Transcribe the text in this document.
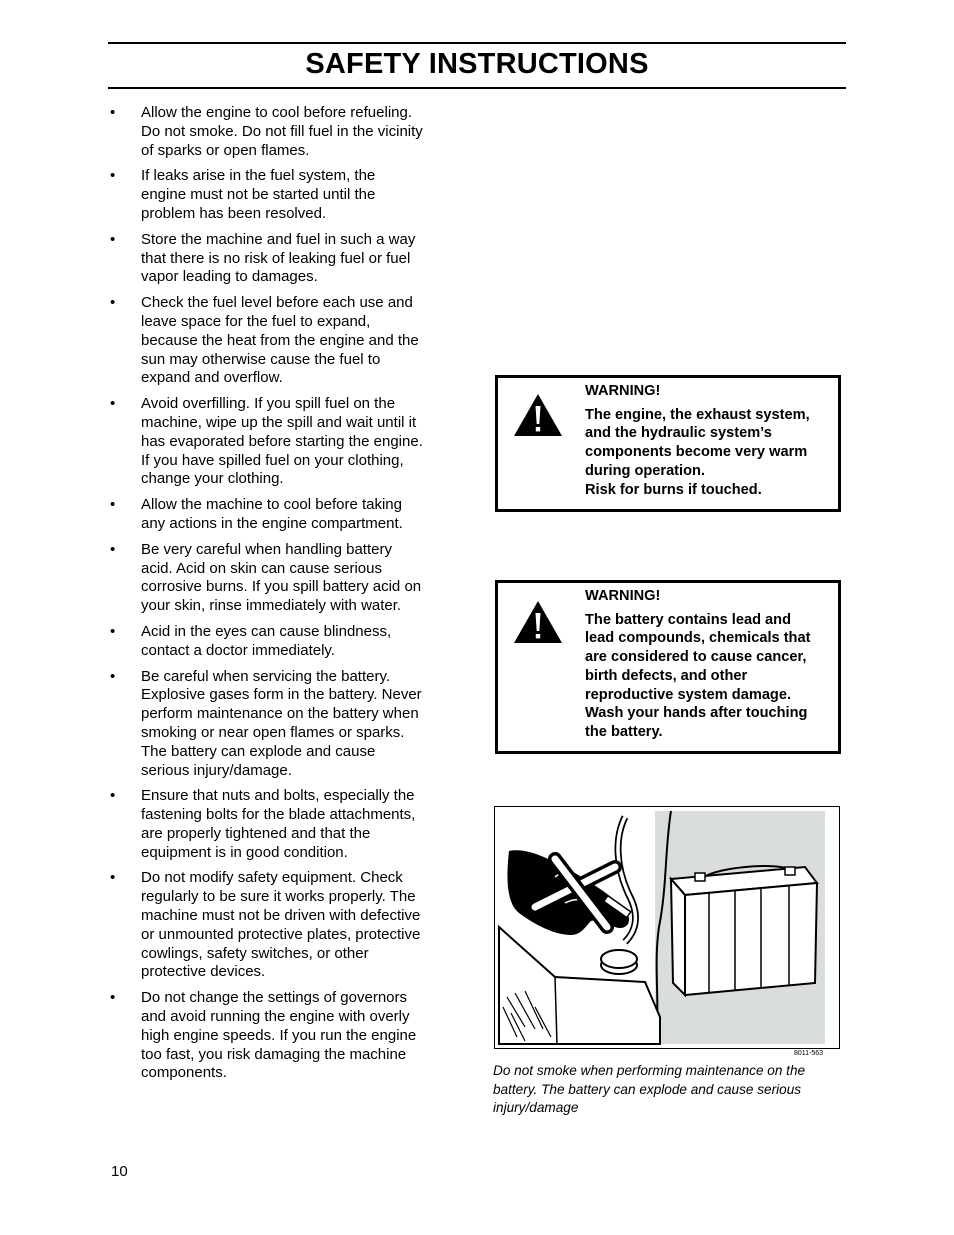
SAFETY INSTRUCTIONS
• Allow the engine to cool before refueling. Do not smoke. Do not fill fuel in the vicinity of sparks or open flames.
• If leaks arise in the fuel system, the engine must not be started until the problem has been resolved.
• Store the machine and fuel in such a way that there is no risk of leaking fuel or fuel vapor leading to damages.
• Check the fuel level before each use and leave space for the fuel to expand, because the heat from the engine and the sun may otherwise cause the fuel to expand and overflow.
• Avoid overfilling. If you spill fuel on the machine, wipe up the spill and wait until it has evaporated before starting the engine. If you have spilled fuel on your clothing, change your clothing.
• Allow the machine to cool before taking any actions in the engine compartment.
• Be very careful when handling battery acid. Acid on skin can cause serious corrosive burns. If you spill battery acid on your skin, rinse immediately with water.
• Acid in the eyes can cause blindness, contact a doctor immediately.
• Be careful when servicing the battery. Explosive gases form in the battery. Never perform maintenance on the battery when smoking or near open flames or sparks. The battery can explode and cause serious injury/damage.
• Ensure that nuts and bolts, especially the fastening bolts for the blade attachments, are properly tightened and that the equipment is in good condition.
• Do not modify safety equipment. Check regularly to be sure it works properly. The machine must not be driven with defective or unmounted protective plates, protective cowlings, safety switches, or other protective devices.
• Do not change the settings of governors and avoid running the engine with overly high engine speeds. If you run the engine too fast, you risk damaging the machine components.
WARNING!
The engine, the exhaust system,
and the hydraulic system’s
components become very warm
during operation.
Risk for burns if touched.
WARNING!
The battery contains lead and
lead compounds, chemicals that
are considered to cause cancer,
birth defects, and other
reproductive system damage.
Wash your hands after touching
the battery.
8011-563
Do not smoke when performing maintenance on the battery. The battery can explode and cause serious injury/damage
10
